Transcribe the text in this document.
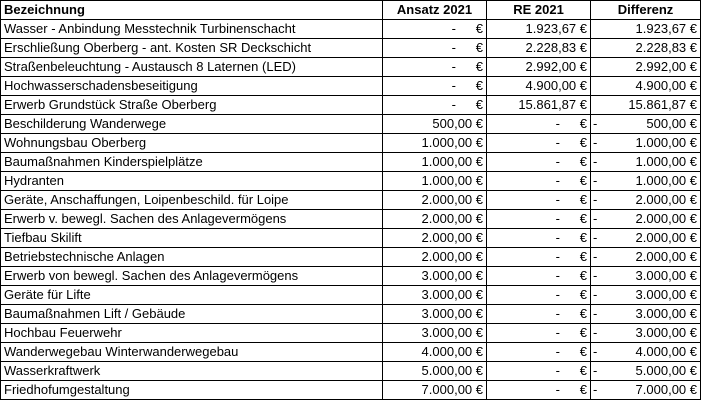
Bezeichnung	Ansatz 2021	RE 2021	Differenz
Wasser - Anbindung Messtechnik Turbinenschacht	- €	1.923,67 €	1.923,67 €
Erschließung Oberberg - ant. Kosten SR Deckschicht	- €	2.228,83 €	2.228,83 €
Straßenbeleuchtung - Austausch 8 Laternen (LED)	- €	2.992,00 €	2.992,00 €
Hochwasserschadensbeseitigung	- €	4.900,00 €	4.900,00 €
Erwerb Grundstück Straße Oberberg	- €	15.861,87 €	15.861,87 €
Beschilderung Wanderwege	500,00 €	- €	- 500,00 €
Wohnungsbau Oberberg	1.000,00 €	- €	- 1.000,00 €
Baumaßnahmen Kinderspielplätze	1.000,00 €	- €	- 1.000,00 €
Hydranten	1.000,00 €	- €	- 1.000,00 €
Geräte, Anschaffungen, Loipenbeschild. für Loipe	2.000,00 €	- €	- 2.000,00 €
Erwerb v. bewegl. Sachen des Anlagevermögens	2.000,00 €	- €	- 2.000,00 €
Tiefbau Skilift	2.000,00 €	- €	- 2.000,00 €
Betriebstechnische Anlagen	2.000,00 €	- €	- 2.000,00 €
Erwerb von bewegl. Sachen des Anlagevermögens	3.000,00 €	- €	- 3.000,00 €
Geräte für Lifte	3.000,00 €	- €	- 3.000,00 €
Baumaßnahmen Lift / Gebäude	3.000,00 €	- €	- 3.000,00 €
Hochbau Feuerwehr	3.000,00 €	- €	- 3.000,00 €
Wanderwegebau Winterwanderwegebau	4.000,00 €	- €	- 4.000,00 €
Wasserkraftwerk	5.000,00 €	- €	- 5.000,00 €
Friedhofumgestaltung	7.000,00 €	- €	- 7.000,00 €
